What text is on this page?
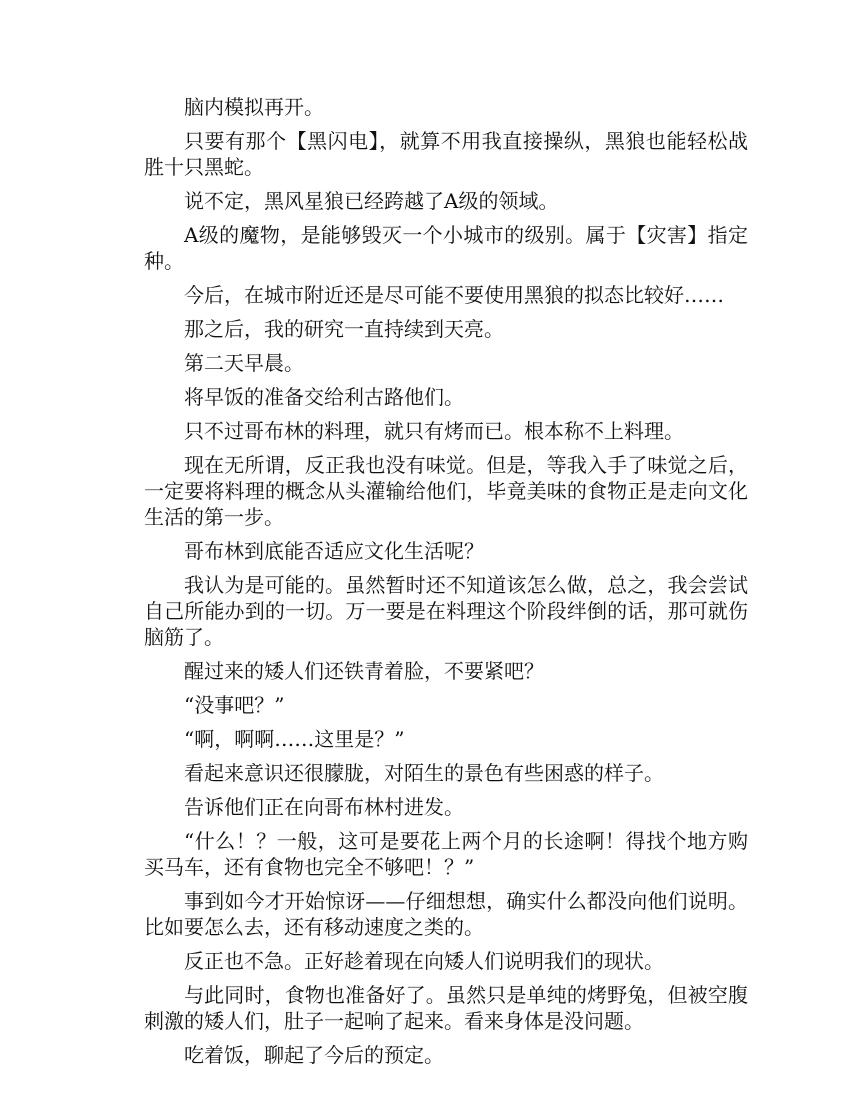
脑内模拟再开。

只要有那个【黑闪电】，就算不用我直接操纵，黑狼也能轻松战胜十只黑蛇。

说不定，黑风星狼已经跨越了A级的领域。

A级的魔物，是能够毁灭一个小城市的级别。属于【灾害】指定种。

今后，在城市附近还是尽可能不要使用黑狼的拟态比较好……

那之后，我的研究一直持续到天亮。

第二天早晨。

将早饭的准备交给利古路他们。

只不过哥布林的料理，就只有烤而已。根本称不上料理。

现在无所谓，反正我也没有味觉。但是，等我入手了味觉之后，一定要将料理的概念从头灌输给他们，毕竟美味的食物正是走向文化生活的第一步。

哥布林到底能否适应文化生活呢？

我认为是可能的。虽然暂时还不知道该怎么做，总之，我会尝试自己所能办到的一切。万一要是在料理这个阶段绊倒的话，那可就伤脑筋了。

醒过来的矮人们还铁青着脸，不要紧吧？

“没事吧？”

“啊，啊啊……这里是？”

看起来意识还很朦胧，对陌生的景色有些困惑的样子。

告诉他们正在向哥布林村进发。

“什么！？一般，这可是要花上两个月的长途啊！得找个地方购买马车，还有食物也完全不够吧！？”

事到如今才开始惊讶——仔细想想，确实什么都没向他们说明。比如要怎么去，还有移动速度之类的。

反正也不急。正好趁着现在向矮人们说明我们的现状。

与此同时，食物也准备好了。虽然只是单纯的烤野兔，但被空腹刺激的矮人们，肚子一起响了起来。看来身体是没问题。

吃着饭，聊起了今后的预定。
